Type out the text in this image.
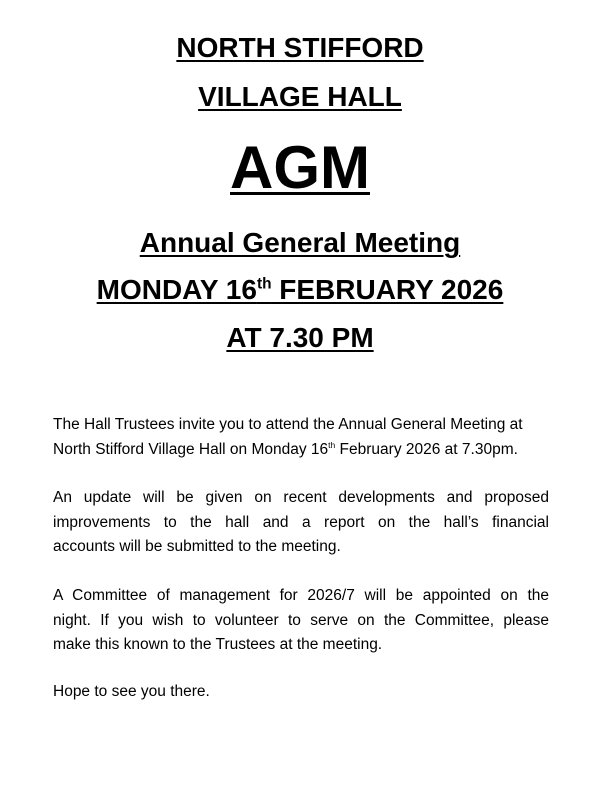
NORTH STIFFORD
VILLAGE HALL
AGM
Annual General Meeting
MONDAY 16th FEBRUARY 2026
AT 7.30 PM
The Hall Trustees invite you to attend the Annual General Meeting at
North Stifford Village Hall on Monday 16th February 2026 at 7.30pm.
An update will be given on recent developments and proposed
improvements to the hall and a report on the hall’s financial
accounts will be submitted to the meeting.
A Committee of management for 2026/7 will be appointed on the
night. If you wish to volunteer to serve on the Committee, please
make this known to the Trustees at the meeting.
Hope to see you there.
